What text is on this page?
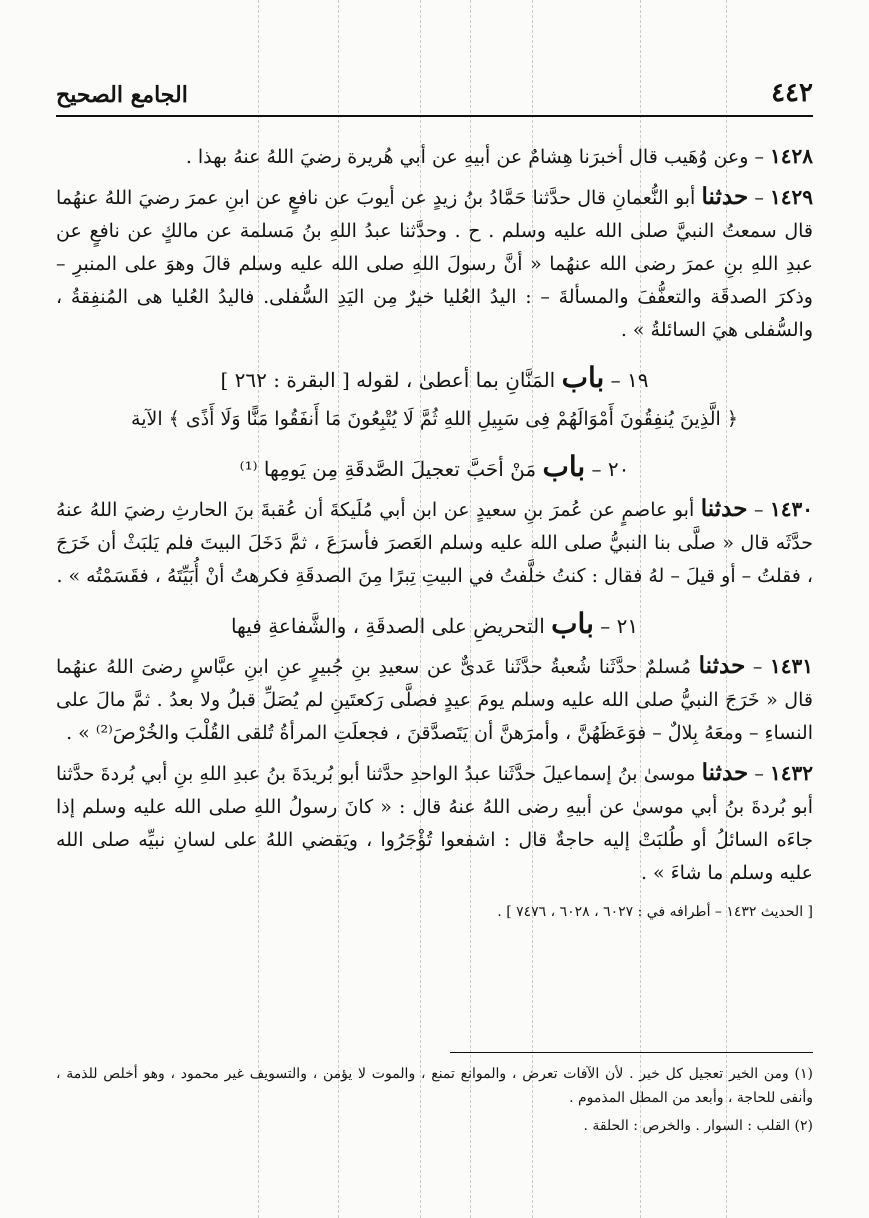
٤٤٢
الجامع الصحيح

١٤٢٨ – وعن وُهَيب قال أخبرَنا هِشامٌ عن أبيهِ عن أبي هُريرة رضيَ اللهُ عنهُ بهذا .

١٤٢٩ – حدثنا أبو النُّعمانِ قال حدَّثنا حَمَّادُ بنُ زيدٍ عن أيوبَ عن نافعٍ عن ابنِ عمرَ رضيَ اللهُ عنهُما قال سمعتُ النبيَّ صلى الله عليه وسلم . ح . وحدَّثنا عبدُ اللهِ بنُ مَسلمة عن مالكٍ عن نافعٍ عن عبدِ اللهِ بنِ عمرَ رضى الله عنهُما « أنَّ رسولَ اللهِ صلى الله عليه وسلم قالَ وهوَ على المنبرِ – وذكرَ الصدقَة والتعفُّفَ والمسألةَ – : اليدُ العُليا خيرٌ مِن اليَدِ السُّفلى. فاليدُ العُليا هى المُنفِقةُ ، والسُّفلى هيَ السائلةُ » .

١٩ – باب المَنَّانِ بما أعطىٰ ، لقوله [ البقرة : ٢٦٢ ]
﴿ الَّذِينَ يُنفِقُونَ أَمْوَالَهُمْ فِى سَبِيلِ اللهِ ثُمَّ لَا يُتْبِعُونَ مَا أَنفَقُوا مَنًّا وَلَا أَذًى ﴾ الآية
٢٠ – باب مَنْ أحَبَّ تعجيلَ الصَّدقَةِ مِن يَومِها ⁽¹⁾

١٤٣٠ – حدثنا أبو عاصمٍ عن عُمرَ بنِ سعيدٍ عن ابن أبي مُلَيكةَ أن عُقبةَ بنَ الحارثِ رضيَ اللهُ عنهُ حدَّثَه قال « صلَّى بنا النبيُّ صلى الله عليه وسلم العَصرَ فأسرَعَ ، ثمَّ دَخَلَ البيتَ فلم يَلبَثْ أن خَرَجَ ، فقلتُ – أو قيلَ – لهُ فقال : كنتُ خلَّفتُ في البيتِ تِبرًا مِنَ الصدقَةِ فكرهتُ أنْ أُبَيِّتَهُ ، فقَسَمْتُه » .

٢١ – باب التحريضِ على الصدقَةِ ، والشَّفاعةِ فيها

١٤٣١ – حدثنا مُسلمٌ حدَّثَنا شُعبةُ حدَّثَنا عَدىٌّ عن سعيدِ بنِ جُبيرٍ عنِ ابنِ عبَّاسٍ رضىَ اللهُ عنهُما قال « خَرَجَ النبيُّ صلى الله عليه وسلم يومَ عيدٍ فصلَّى رَكعتَينِ لم يُصَلِّ قبلُ ولا بعدُ . ثمَّ مالَ على النساءِ – ومعَهُ بِلالٌ – فوَعَظَهُنَّ ، وأمرَهنَّ أن يَتَصدَّقنَ ، فجعلَتِ المرأةُ تُلقى القُلْبَ والخُرْصَ⁽²⁾ » .

١٤٣٢ – حدثنا موسىٰ بنُ إسماعيلَ حدَّثَنا عبدُ الواحدِ حدَّثنا أبو بُريدَةَ بنُ عبدِ اللهِ بنِ أبي بُردةَ حدَّثنا أبو بُردةَ بنُ أبي موسىٰ عن أبيهِ رضى اللهُ عنهُ قال : « كانَ رسولُ اللهِ صلى الله عليه وسلم إذا جاءَه السائلُ أو طُلبَتْ إليه حاجةٌ قال : اشفعوا تُؤْجَرُوا ، ويَقضي اللهُ على لسانِ نبيِّه صلى الله عليه وسلم ما شاءَ » .

[ الحديث ١٤٣٢ – أطرافه في : ٦٠٢٧ ، ٦٠٢٨ ، ٧٤٧٦ ] .

(١) ومن الخير تعجيل كل خير . لأن الآفات تعرض ، والموانع تمنع ، والموت لا يؤمن ، والتسويف غير محمود ، وهو أخلص للذمة ، وأنفى للحاجة ، وأبعد من المطل المذموم .

(٢) القلب : السوار . والخرص : الحلقة .
